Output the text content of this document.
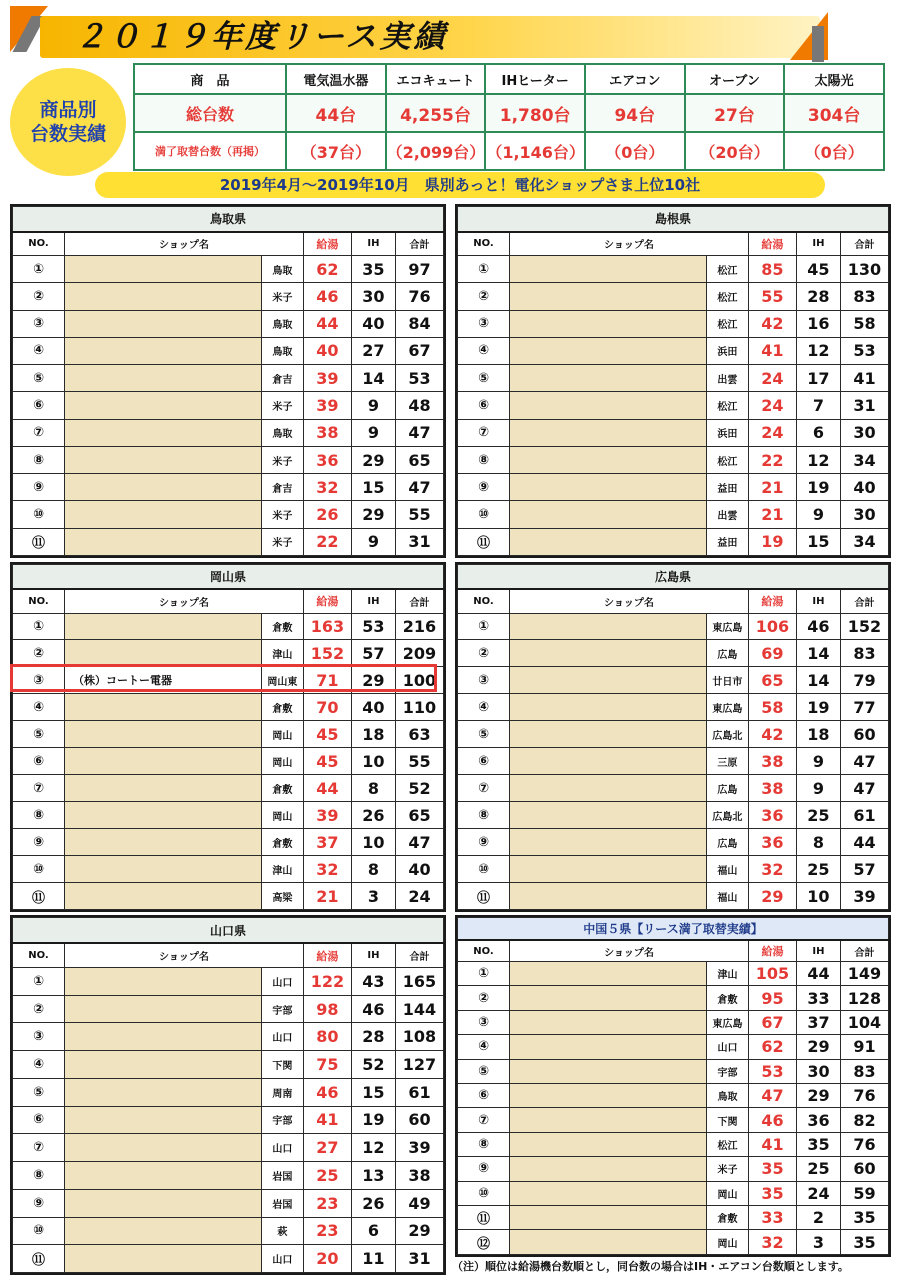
２０１９年度リース実績
商品別
台数実績
商　品	電気温水器	エコキュート	IHヒーター	エアコン	オーブン	太陽光
総台数	44台	4,255台	1,780台	94台	27台	304台
満了取替台数（再掲）	（37台）	（2,099台）	（1,146台）	（0台）	（20台）	（0台）
2019年4月～2019年10月　県別あっと！電化ショップさま上位10社
鳥取県					
NO.	ショップ名		給湯	IH	合計
①		鳥取	62	35	97
②		米子	46	30	76
③		鳥取	44	40	84
④		鳥取	40	27	67
⑤		倉吉	39	14	53
⑥		米子	39	9	48
⑦		鳥取	38	9	47
⑧		米子	36	29	65
⑨		倉吉	32	15	47
⑩		米子	26	29	55
⑪		米子	22	9	31
島根県					
NO.	ショップ名		給湯	IH	合計
①		松江	85	45	130
②		松江	55	28	83
③		松江	42	16	58
④		浜田	41	12	53
⑤		出雲	24	17	41
⑥		松江	24	7	31
⑦		浜田	24	6	30
⑧		松江	22	12	34
⑨		益田	21	19	40
⑩		出雲	21	9	30
⑪		益田	19	15	34
岡山県					
NO.	ショップ名		給湯	IH	合計
①		倉敷	163	53	216
②		津山	152	57	209
③	（株）コートー電器	岡山東	71	29	100
④		倉敷	70	40	110
⑤		岡山	45	18	63
⑥		岡山	45	10	55
⑦		倉敷	44	8	52
⑧		岡山	39	26	65
⑨		倉敷	37	10	47
⑩		津山	32	8	40
⑪		高梁	21	3	24
広島県					
NO.	ショップ名		給湯	IH	合計
①		東広島	106	46	152
②		広島	69	14	83
③		廿日市	65	14	79
④		東広島	58	19	77
⑤		広島北	42	18	60
⑥		三原	38	9	47
⑦		広島	38	9	47
⑧		広島北	36	25	61
⑨		広島	36	8	44
⑩		福山	32	25	57
⑪		福山	29	10	39
山口県					
NO.	ショップ名		給湯	IH	合計
①		山口	122	43	165
②		宇部	98	46	144
③		山口	80	28	108
④		下関	75	52	127
⑤		周南	46	15	61
⑥		宇部	41	19	60
⑦		山口	27	12	39
⑧		岩国	25	13	38
⑨		岩国	23	26	49
⑩		萩	23	6	29
⑪		山口	20	11	31
中国５県【リース満了取替実績】					
NO.	ショップ名		給湯	IH	合計
①		津山	105	44	149
②		倉敷	95	33	128
③		東広島	67	37	104
④		山口	62	29	91
⑤		宇部	53	30	83
⑥		鳥取	47	29	76
⑦		下関	46	36	82
⑧		松江	41	35	76
⑨		米子	35	25	60
⑩		岡山	35	24	59
⑪		倉敷	33	2	35
⑫		岡山	32	3	35
（注）順位は給湯機台数順とし，同台数の場合はIH・エアコン台数順とします。
